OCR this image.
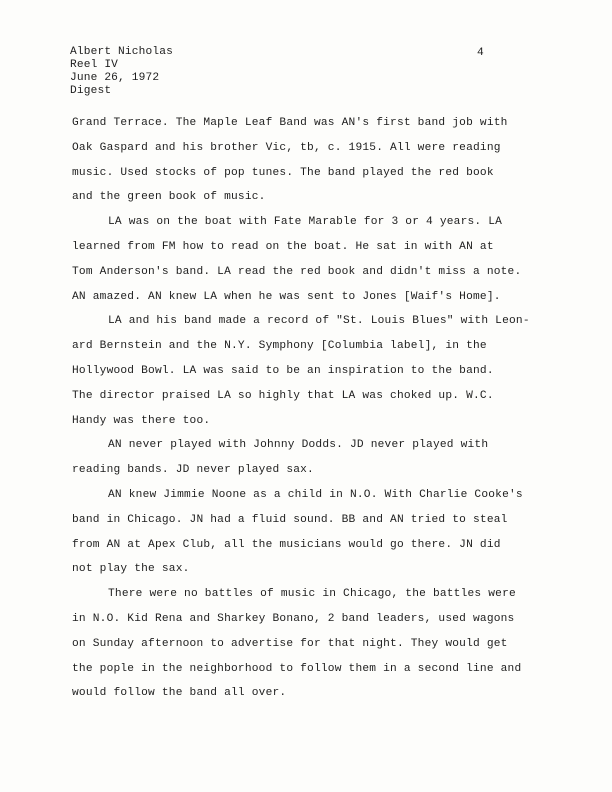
Albert Nicholas
Reel IV
June 26, 1972
Digest
4
Grand Terrace. The Maple Leaf Band was AN's first band job with
Oak Gaspard and his brother Vic, tb, c. 1915. All were reading
music. Used stocks of pop tunes. The band played the red book
and the green book of music.
LA was on the boat with Fate Marable for 3 or 4 years. LA
learned from FM how to read on the boat. He sat in with AN at
Tom Anderson's band. LA read the red book and didn't miss a note.
AN amazed. AN knew LA when he was sent to Jones [Waif's Home].
LA and his band made a record of "St. Louis Blues" with Leon-
ard Bernstein and the N.Y. Symphony [Columbia label], in the
Hollywood Bowl. LA was said to be an inspiration to the band.
The director praised LA so highly that LA was choked up. W.C.
Handy was there too.
AN never played with Johnny Dodds. JD never played with
reading bands. JD never played sax.
AN knew Jimmie Noone as a child in N.O. With Charlie Cooke's
band in Chicago. JN had a fluid sound. BB and AN tried to steal
from AN at Apex Club, all the musicians would go there. JN did
not play the sax.
There were no battles of music in Chicago, the battles were
in N.O. Kid Rena and Sharkey Bonano, 2 band leaders, used wagons
on Sunday afternoon to advertise for that night. They would get
the pople in the neighborhood to follow them in a second line and
would follow the band all over.
